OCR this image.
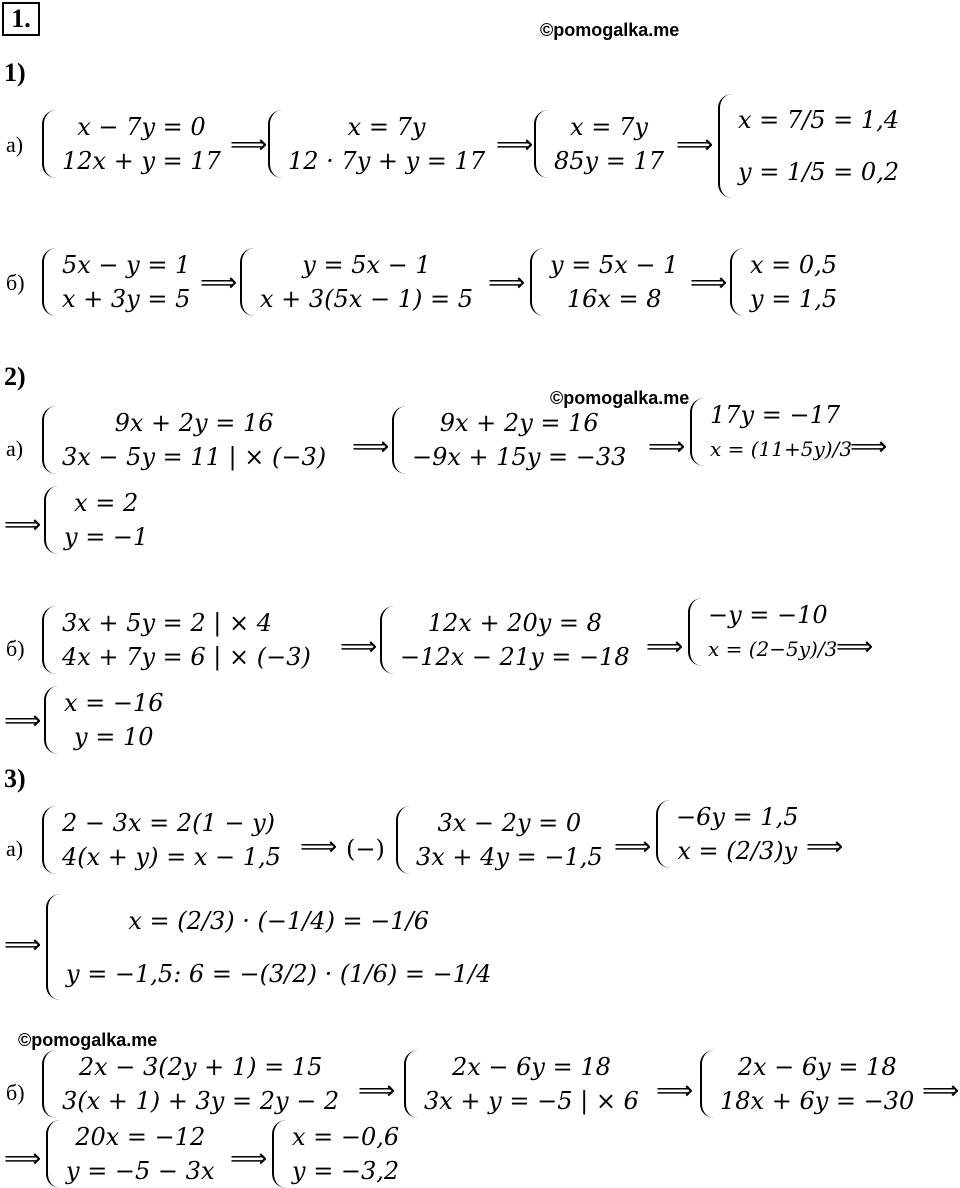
1.	©pomogalka.me
1)
а)
x − 7y = 0
12x + y = 17
⟹
x = 7y
12 · 7y + y = 17
⟹
x = 7y
85y = 17
⟹
x = 7/5 = 1,4
y = 1/5 = 0,2
б)
5x − y = 1
x + 3y = 5
⟹
y = 5x − 1
x + 3(5x − 1) = 5
⟹
y = 5x − 1
16x = 8
⟹
x = 0,5
y = 1,5
2)
©pomogalka.me
а)
9x + 2y = 16
3x − 5y = 11 | × (−3) ⟹
9x + 2y = 16
−9x + 15y = −33 ⟹
17y = −17
x = (11+5y)/3
⟹
⟹
x = 2
y = −1
б)
3x + 5y = 2 | × 4
4x + 7y = 6 | × (−3) ⟹
12x + 20y = 8
−12x − 21y = −18 ⟹
−y = −10
x = (2−5y)/3
⟹
⟹
x = −16
y = 10
3)
а)
2 − 3x = 2(1 − y)
4(x + y) = x − 1,5 ⟹ (−)
3x − 2y = 0
3x + 4y = −1,5 ⟹
−6y = 1,5
x = (2/3)y ⟹
⟹
x = (2/3) · (−1/4) = −1/6
y = −1,5: 6 = −(3/2) · (1/6) = −1/4
©pomogalka.me
б)
2x − 3(2y + 1) = 15
3(x + 1) + 3y = 2y − 2 ⟹
2x − 6y = 18
3x + y = −5 | × 6 ⟹
2x − 6y = 18
18x + 6y = −30 ⟹
⟹
20x = −12
y = −5 − 3x ⟹
x = −0,6
y = −3,2
